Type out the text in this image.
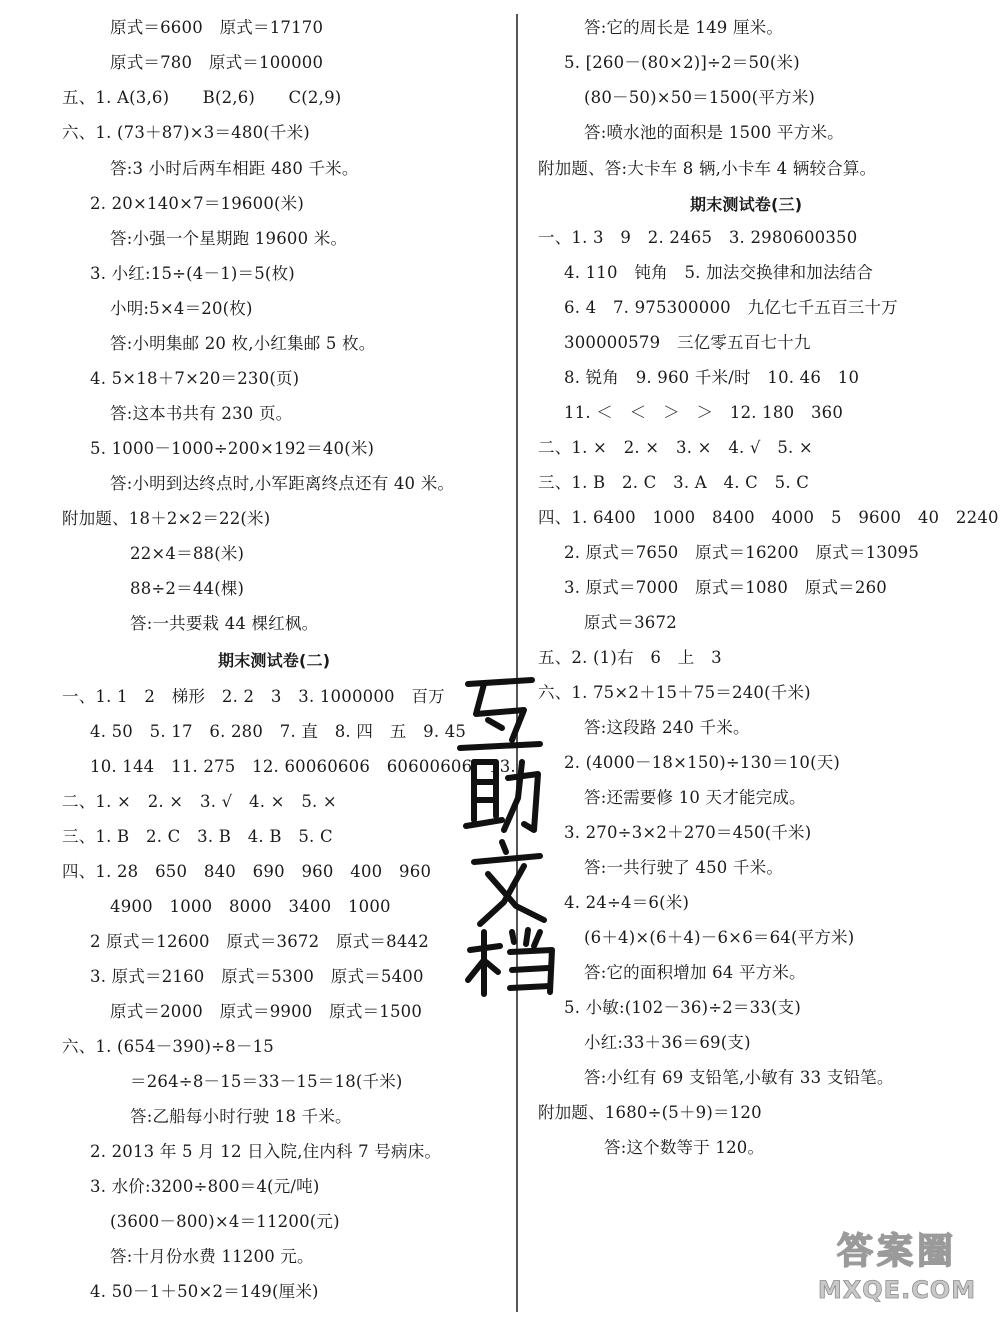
原式＝6600　原式＝17170
原式＝780　原式＝100000
五、1. A(3,6)　　B(2,6)　　C(2,9)
六、1. (73＋87)×3＝480(千米)
答:3 小时后两车相距 480 千米。
2. 20×140×7＝19600(米)
答:小强一个星期跑 19600 米。
3. 小红:15÷(4－1)＝5(枚)
小明:5×4＝20(枚)
答:小明集邮 20 枚,小红集邮 5 枚。
4. 5×18＋7×20＝230(页)
答:这本书共有 230 页。
5. 1000－1000÷200×192＝40(米)
答:小明到达终点时,小军距离终点还有 40 米。
附加题、18＋2×2＝22(米)
22×4＝88(米)
88÷2＝44(棵)
答:一共要栽 44 棵红枫。
期末测试卷(二)
一、1. 1　2　梯形　2. 2　3　3. 1000000　百万
4. 50　5. 17　6. 280　7. 直　8. 四　五　9. 45
10. 144　11. 275　12. 60060606　60600606　13.
二、1. ×　2. ×　3. √　4. ×　5. ×
三、1. B　2. C　3. B　4. B　5. C
四、1. 28　650　840　690　960　400　960
4900　1000　8000　3400　1000
2 原式＝12600　原式＝3672　原式＝8442
3. 原式＝2160　原式＝5300　原式＝5400
原式＝2000　原式＝9900　原式＝1500
六、1. (654－390)÷8－15
＝264÷8－15＝33－15＝18(千米)
答:乙船每小时行驶 18 千米。
2. 2013 年 5 月 12 日入院,住内科 7 号病床。
3. 水价:3200÷800＝4(元/吨)
(3600－800)×4＝11200(元)
答:十月份水费 11200 元。
4. 50－1＋50×2＝149(厘米)
答:它的周长是 149 厘米。
5. [260－(80×2)]÷2＝50(米)
(80－50)×50＝1500(平方米)
答:喷水池的面积是 1500 平方米。
附加题、答:大卡车 8 辆,小卡车 4 辆较合算。
期末测试卷(三)
一、1. 3　9　2. 2465　3. 2980600350
4. 110　钝角　5. 加法交换律和加法结合
6. 4　7. 975300000　九亿七千五百三十万
300000579　三亿零五百七十九
8. 锐角　9. 960 千米/时　10. 46　10
11. ＜　＜　＞　＞　12. 180　360
二、1. ×　2. ×　3. ×　4. √　5. ×
三、1. B　2. C　3. A　4. C　5. C
四、1. 6400　1000　8400　4000　5　9600　40　2240
2. 原式＝7650　原式＝16200　原式＝13095
3. 原式＝7000　原式＝1080　原式＝260
原式＝3672
五、2. (1)右　6　上　3
六、1. 75×2＋15＋75＝240(千米)
答:这段路 240 千米。
2. (4000－18×150)÷130＝10(天)
答:还需要修 10 天才能完成。
3. 270÷3×2＋270＝450(千米)
答:一共行驶了 450 千米。
4. 24÷4＝6(米)
(6＋4)×(6＋4)－6×6＝64(平方米)
答:它的面积增加 64 平方米。
5. 小敏:(102－36)÷2＝33(支)
小红:33＋36＝69(支)
答:小红有 69 支铅笔,小敏有 33 支铅笔。
附加题、1680÷(5＋9)＝120
答:这个数等于 120。
答案圈
MXQE.COM
